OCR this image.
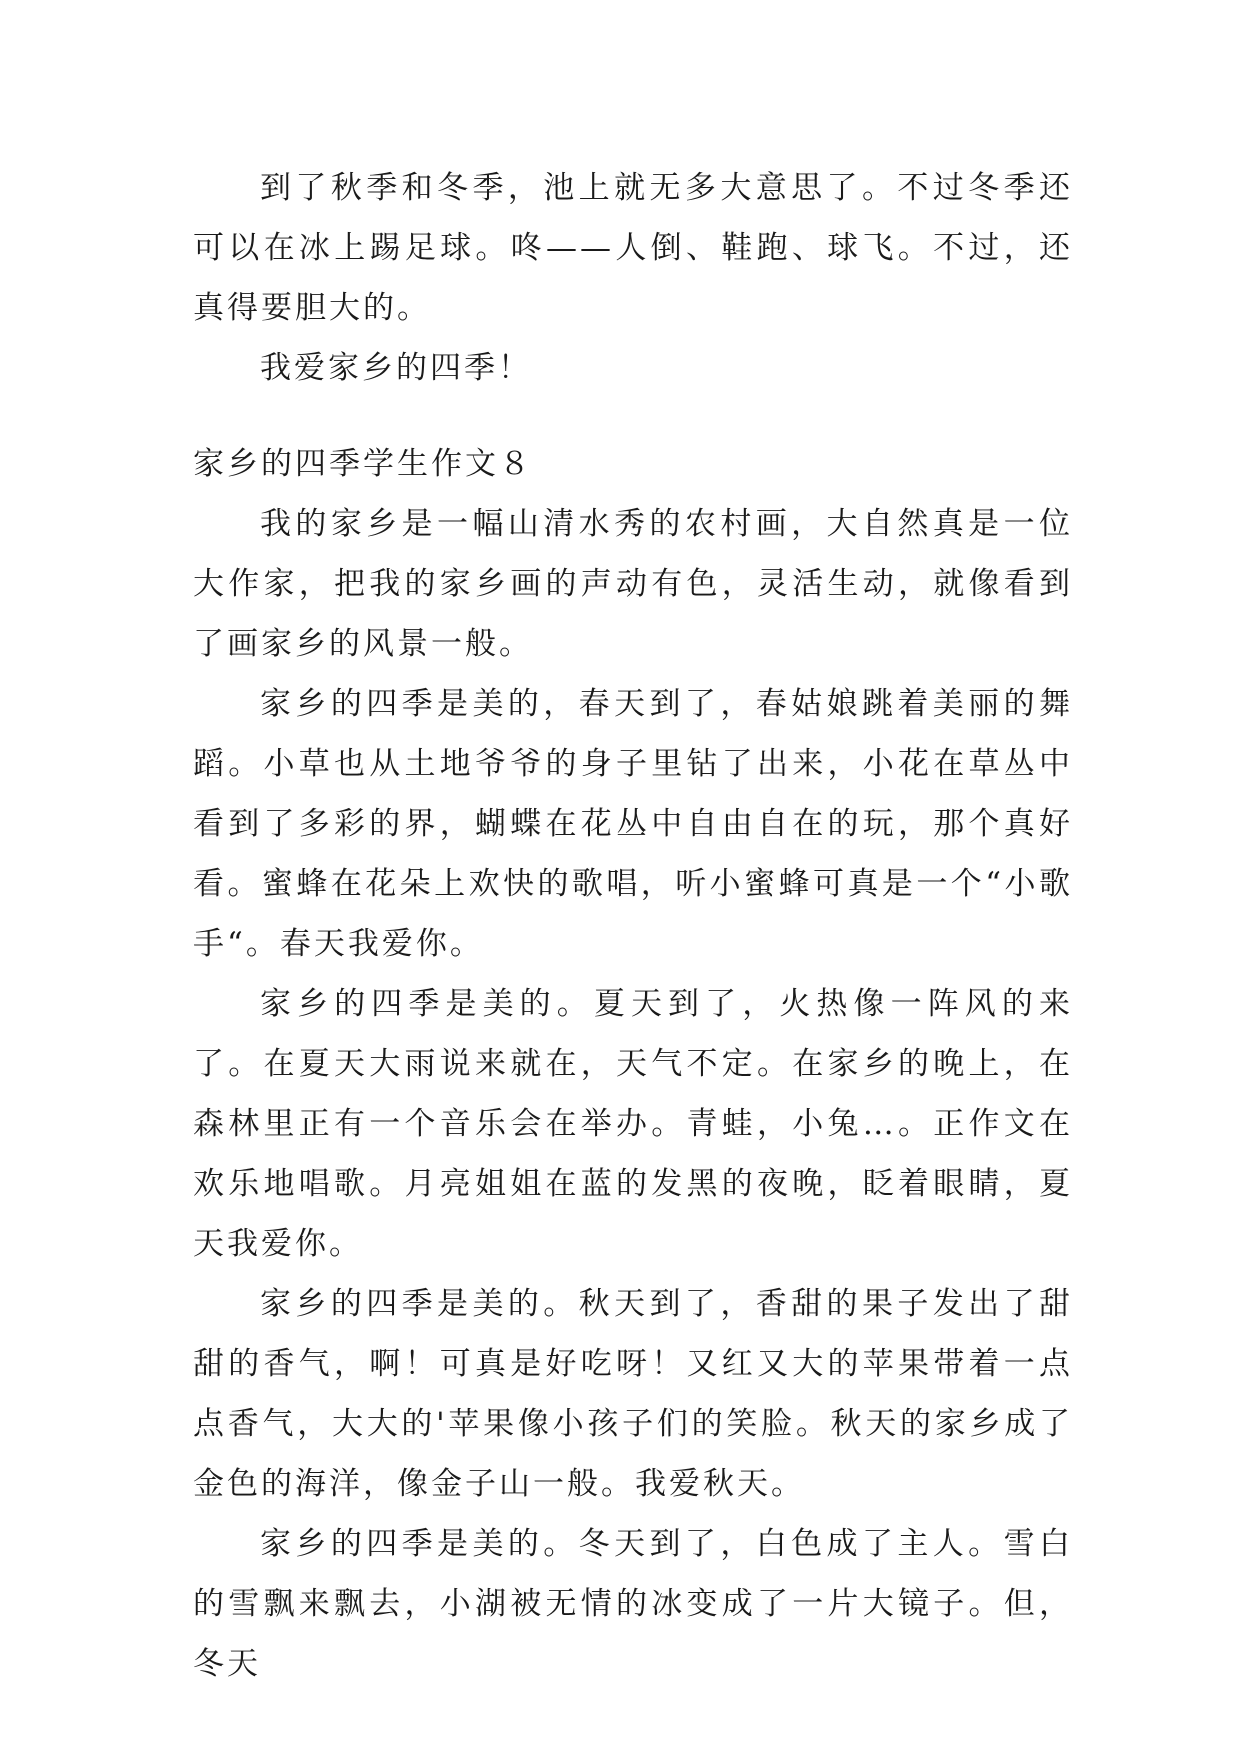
到了秋季和冬季，池上就无多大意思了。不过冬季还可以在冰上踢足球。咚——人倒、鞋跑、球飞。不过，还真得要胆大的。

我爱家乡的四季！

家乡的四季学生作文８

我的家乡是一幅山清水秀的农村画，大自然真是一位大作家，把我的家乡画的声动有色，灵活生动，就像看到了画家乡的风景一般。

家乡的四季是美的，春天到了，春姑娘跳着美丽的舞蹈。小草也从土地爷爷的身子里钻了出来，小花在草丛中看到了多彩的界，蝴蝶在花丛中自由自在的玩，那个真好看。蜜蜂在花朵上欢快的歌唱，听小蜜蜂可真是一个“小歌手“。春天我爱你。

家乡的四季是美的。夏天到了，火热像一阵风的来了。在夏天大雨说来就在，天气不定。在家乡的晚上，在森林里正有一个音乐会在举办。青蛙，小兔…。正作文在欢乐地唱歌。月亮姐姐在蓝的发黑的夜晚，眨着眼睛，夏天我爱你。

家乡的四季是美的。秋天到了，香甜的果子发出了甜甜的香气，啊！可真是好吃呀！又红又大的苹果带着一点点香气，大大的'苹果像小孩子们的笑脸。秋天的家乡成了金色的海洋，像金子山一般。我爱秋天。

家乡的四季是美的。冬天到了，白色成了主人。雪白的雪飘来飘去，小湖被无情的冰变成了一片大镜子。但，冬天
